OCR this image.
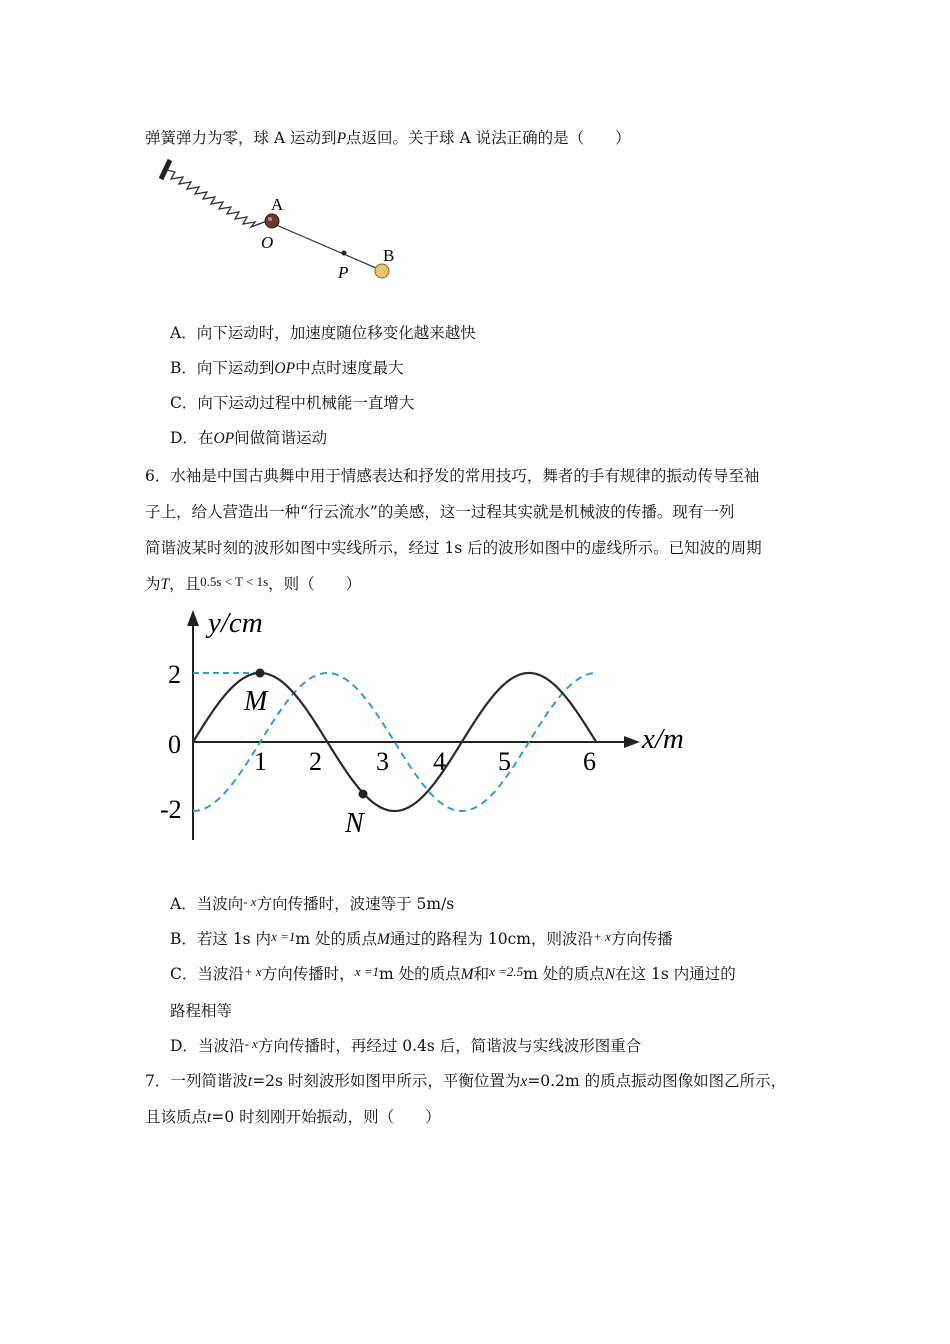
弹簧弹力为零，球 A 运动到P点返回。关于球 A 说法正确的是（　　）
A
O
P
B
A．向下运动时，加速度随位移变化越来越快
B．向下运动到OP中点时速度最大
C．向下运动过程中机械能一直增大
D．在OP间做简谐运动
6．水袖是中国古典舞中用于情感表达和抒发的常用技巧，舞者的手有规律的振动传导至袖
子上，给人营造出一种“行云流水”的美感，这一过程其实就是机械波的传播。现有一列
简谐波某时刻的波形如图中实线所示，经过 1s 后的波形如图中的虚线所示。已知波的周期
为T，且0.5s < T < 1s，则（　　）
y/cm
x/m
2
0
-2
1 2 3 4 5	6
M
N
A．当波向- x方向传播时，波速等于 5m/s
B．若这 1s 内x =1m 处的质点M通过的路程为 10cm，则波沿+ x方向传播
C．当波沿+ x方向传播时，x =1m 处的质点M和x =2.5m 处的质点N在这 1s 内通过的
路程相等
D．当波沿- x方向传播时，再经过 0.4s 后，简谐波与实线波形图重合
7．一列简谐波t=2s 时刻波形如图甲所示，平衡位置为x=0.2m 的质点振动图像如图乙所示，
且该质点t=0 时刻刚开始振动，则（　　）
